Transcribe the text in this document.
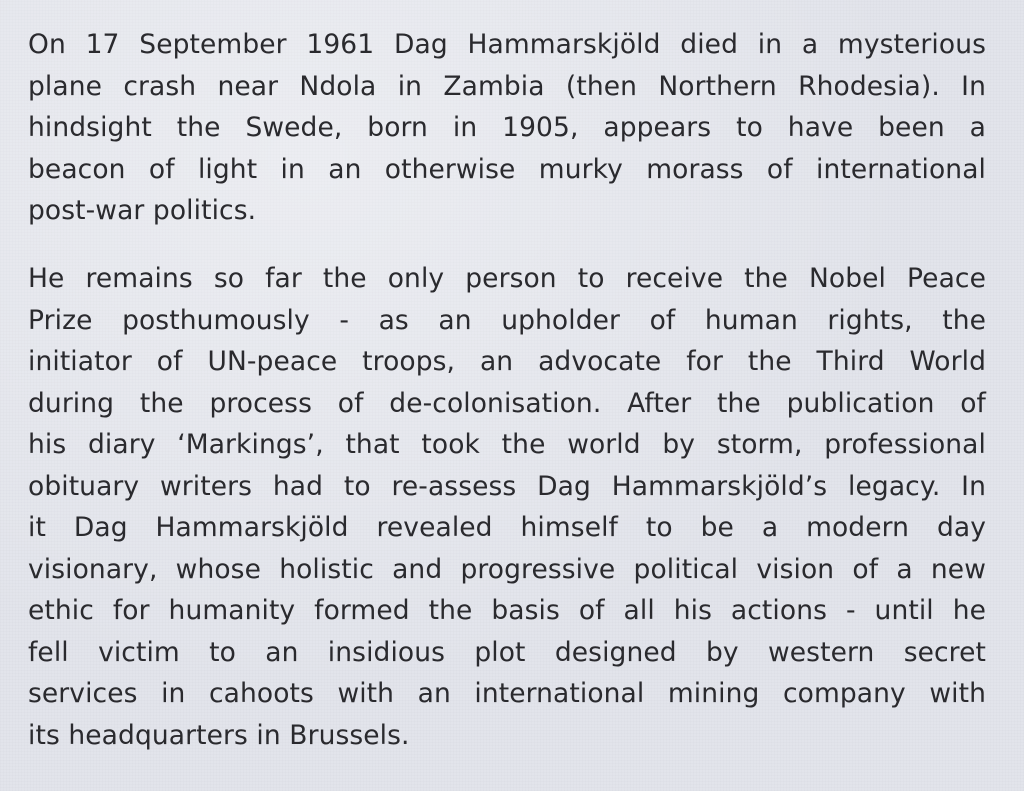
On 17 September 1961 Dag Hammarskjöld died in a mysterious
plane crash near Ndola in Zambia (then Northern Rhodesia). In
hindsight the Swede, born in 1905, appears to have been a
beacon of light in an otherwise murky morass of international
post-war politics.
He remains so far the only person to receive the Nobel Peace
Prize posthumously - as an upholder of human rights, the
initiator of UN-peace troops, an advocate for the Third World
during the process of de-colonisation. After the publication of
his diary ‘Markings’, that took the world by storm, professional
obituary writers had to re-assess Dag Hammarskjöld’s legacy. In
it Dag Hammarskjöld revealed himself to be a modern day
visionary, whose holistic and progressive political vision of a new
ethic for humanity formed the basis of all his actions - until he
fell victim to an insidious plot designed by western secret
services in cahoots with an international mining company with
its headquarters in Brussels.
